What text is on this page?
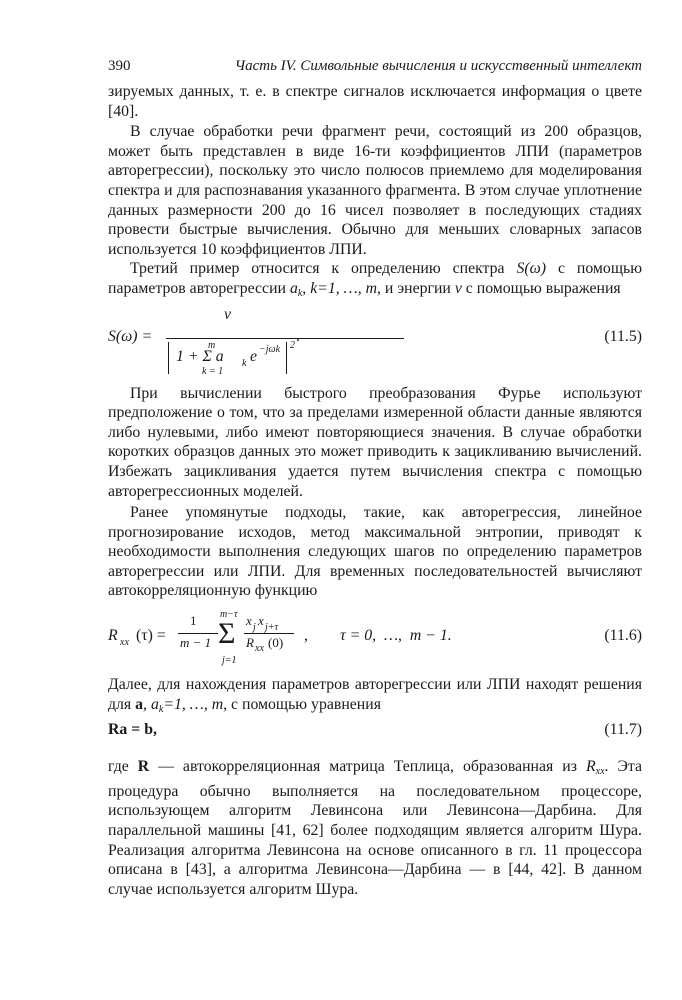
390	Часть IV. Символьные вычисления и искусственный интеллект

зируемых данных, т. е. в спектре сигналов исключается информация о цвете [40].

В случае обработки речи фрагмент речи, состоящий из 200 образцов, может быть представлен в виде 16-ти коэффициентов ЛПИ (параметров авторегрессии), поскольку это число полюсов приемлемо для моделирования спектра и для распознавания указанного фрагмента. В этом случае уплотнение данных размерности 200 до 16 чисел позволяет в последующих стадиях провести быстрые вычисления. Обычно для меньших словарных запасов используется 10 коэффициентов ЛПИ.

Третий пример относится к определению спектра S(ω) с помощью параметров авторегрессии $a_k$, k=1, …, m, и энергии v с помощью выражения

S(ω) =
v
1 + Σ a
m
k = 1
k e −jωk 2
.	(11.5)

При вычислении быстрого преобразования Фурье используют предположение о том, что за пределами измеренной области данные являются либо нулевыми, либо имеют повторяющиеся значения. В случае обработки коротких образцов данных это может приводить к зацикливанию вычислений. Избежать зацикливания удается путем вычисления спектра с помощью авторегрессионных моделей.

Ранее упомянутые подходы, такие, как авторегрессия, линейное прогнозирование исходов, метод максимальной энтропии, приводят к необходимости выполнения следующих шагов по определению параметров авторегрессии или ЛПИ. Для временных последовательностей вычисляют автокорреляционную функцию

R xx (τ) =
1
m − 1
m−τ
Σ
j=1
x j x j+τ
R xx (0) , τ = 0,  …,  m − 1.	(11.6)

Далее, для нахождения параметров авторегрессии или ЛПИ находят решения для a, $a_k=1$, …, m, с помощью уравнения

Ra = b,	(11.7)

где R — автокорреляционная матрица Теплица, образованная из $R_{xx}$. Эта процедура обычно выполняется на последовательном процессоре, использующем алгоритм Левинсона или Левинсона—Дарбина. Для параллельной машины [41, 62] более подходящим является алгоритм Шура. Реализация алгоритма Левинсона на основе описанного в гл. 11 процессора описана в [43], а алгоритма Левинсона—Дарбина — в [44, 42]. В данном случае используется алгоритм Шура.
